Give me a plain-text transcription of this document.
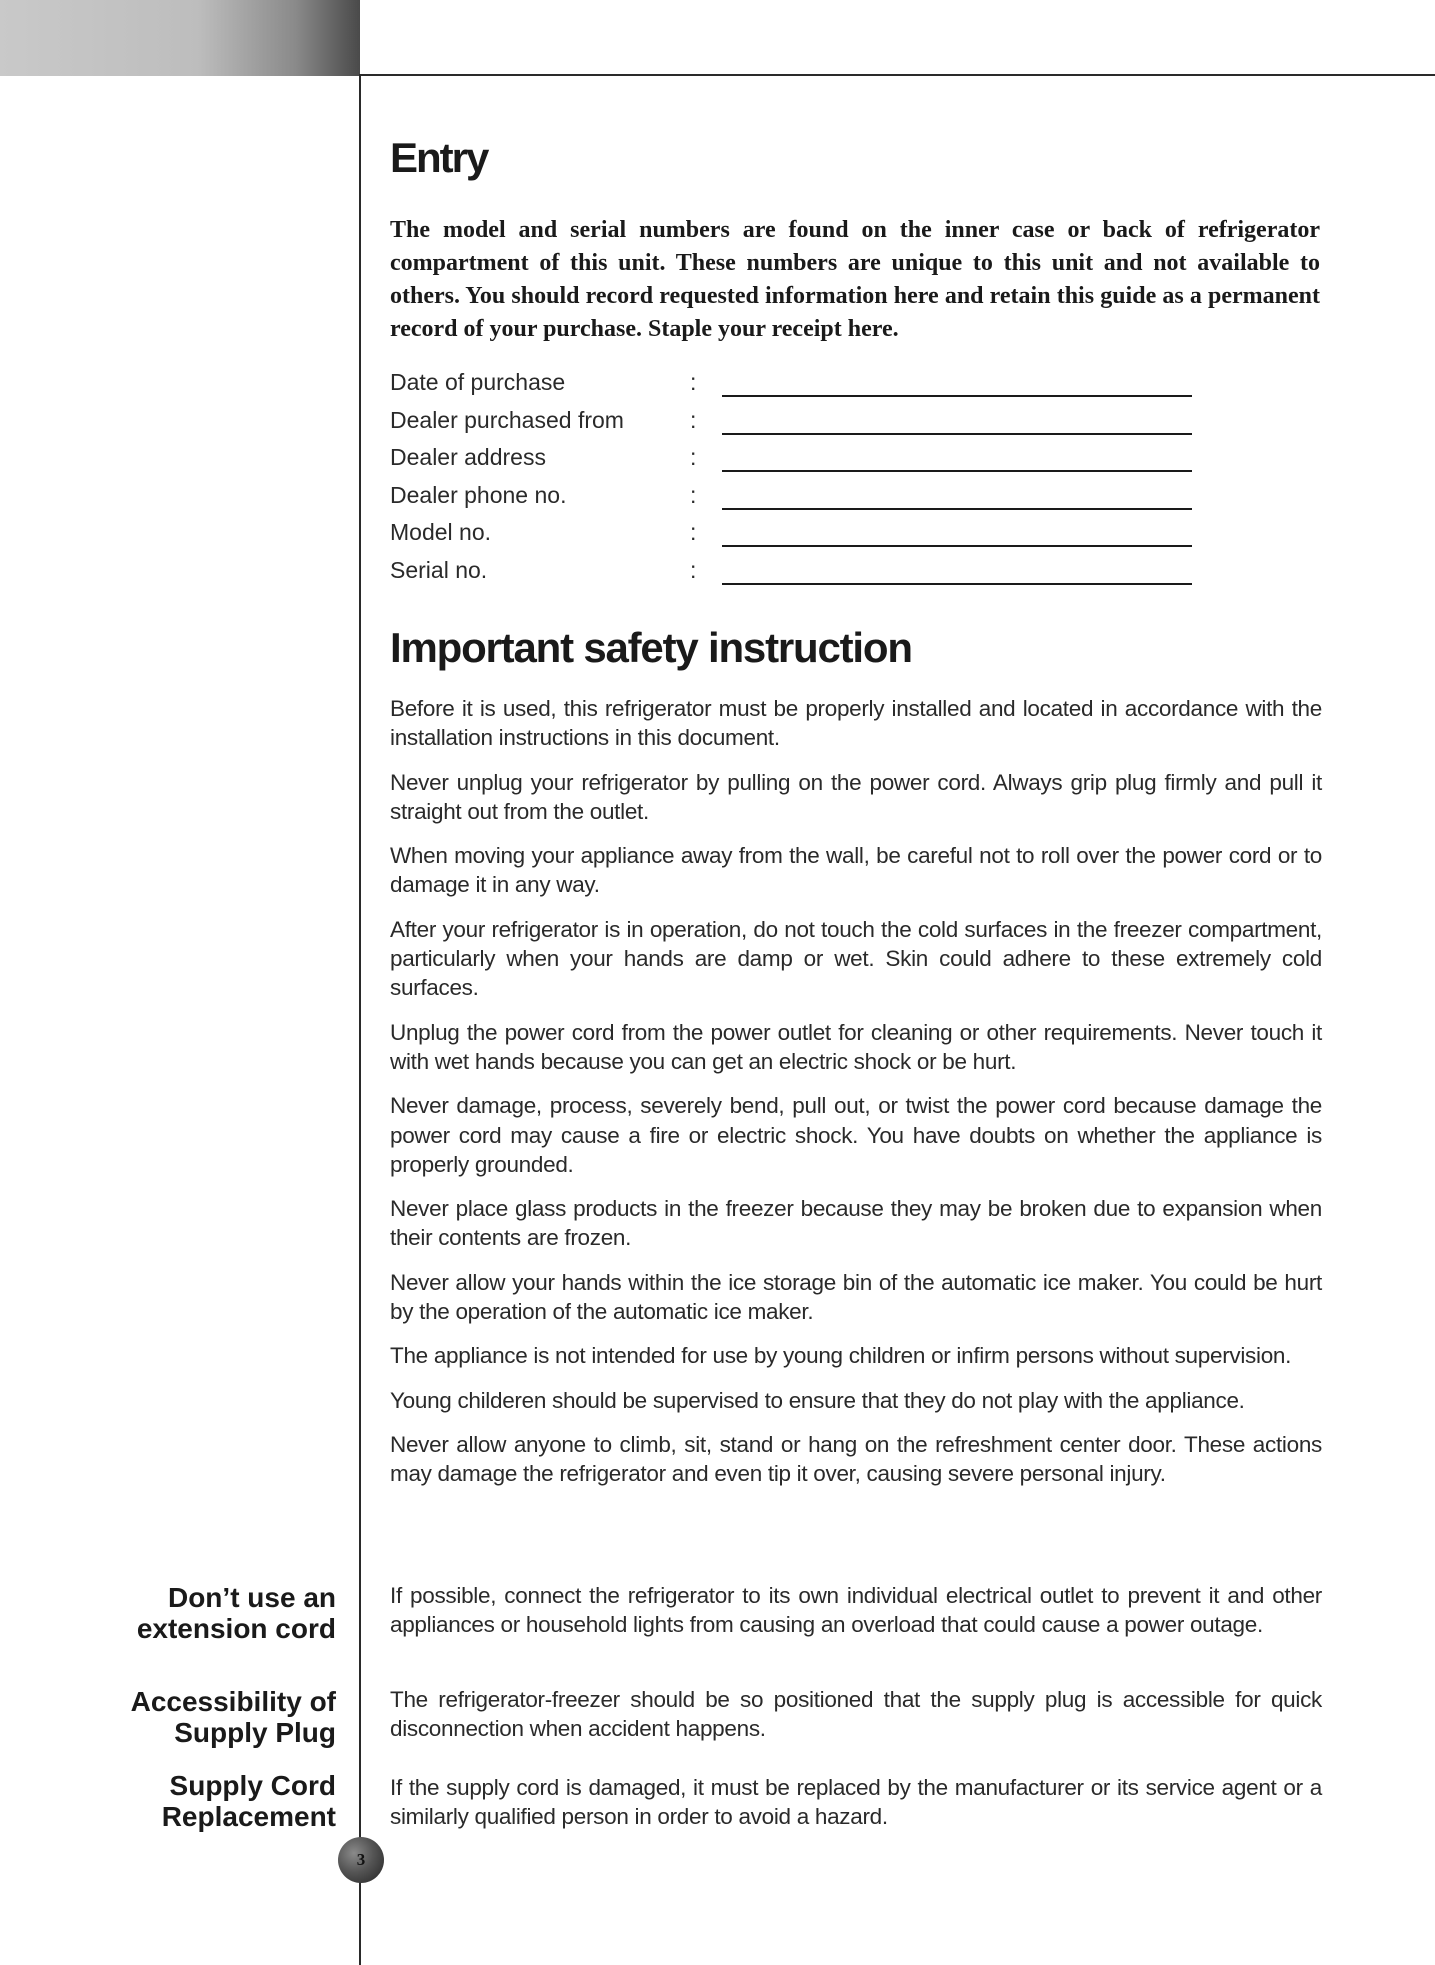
Entry

The model and serial numbers are found on the inner case or back of refrigerator compartment of this unit. These numbers are unique to this unit and not available to others. You should record requested information here and retain this guide as a permanent record of your purchase. Staple your receipt here.

Date of purchase	:
Dealer purchased from	:
Dealer address	:
Dealer phone no.	:
Model no.	:
Serial no.	:
Important safety instruction

Before it is used, this refrigerator must be properly installed and located in accordance with the installation instructions in this document.

Never unplug your refrigerator by pulling on the power cord. Always grip plug firmly and pull it straight out from the outlet.

When moving your appliance away from the wall, be careful not to roll over the power cord or to damage it in any way.

After your refrigerator is in operation, do not touch the cold surfaces in the freezer compartment, particularly when your hands are damp or wet. Skin could adhere to these extremely cold surfaces.

Unplug the power cord from the power outlet for cleaning or other requirements. Never touch it with wet hands because you can get an electric shock or be hurt.

Never damage, process, severely bend, pull out, or twist the power cord because damage the power cord may cause a fire or electric shock. You have doubts on whether the appliance is properly grounded.

Never place glass products in the freezer because they may be broken due to expansion when their contents are frozen.

Never allow your hands within the ice storage bin of the automatic ice maker. You could be hurt by the operation of the automatic ice maker.

The appliance is not intended for use by young children or infirm persons without supervision.

Young childeren should be supervised to ensure that they do not play with the appliance.

Never allow anyone to climb, sit, stand or hang on the refreshment center door. These actions may damage the refrigerator and even tip it over, causing severe personal injury.

Don’t use an
extension cord

If possible, connect the refrigerator to its own individual electrical outlet to prevent it and other appliances or household lights from causing an overload that could cause a power outage.

Accessibility of
Supply Plug

The refrigerator-freezer should be so positioned that the supply plug is accessible for quick disconnection when accident happens.

Supply Cord
Replacement

If the supply cord is damaged, it must be replaced by the manufacturer or its service agent or a similarly qualified person in order to avoid a hazard.

3
